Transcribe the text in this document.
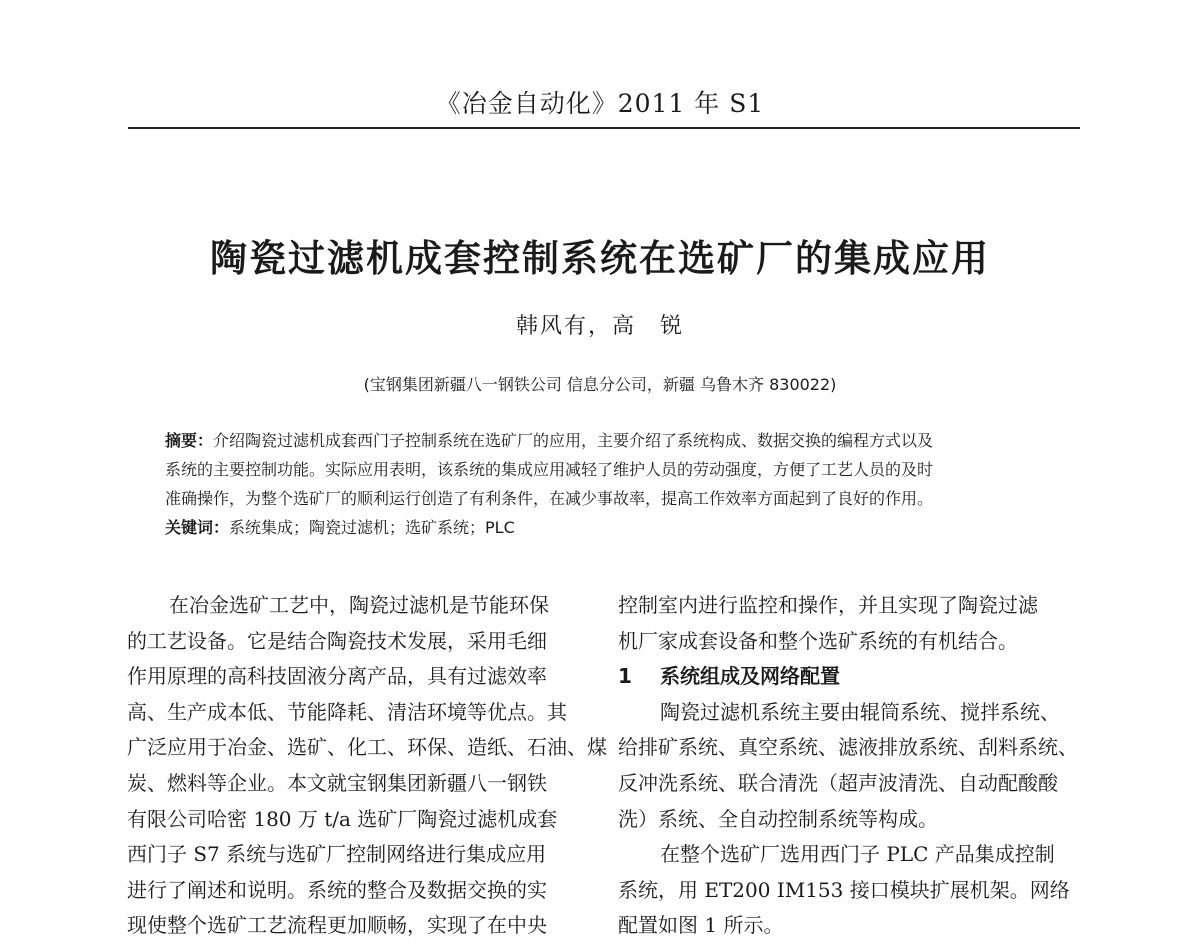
《冶金自动化》2011 年 S1
陶瓷过滤机成套控制系统在选矿厂的集成应用
韩风有，高　锐
(宝钢集团新疆八一钢铁公司 信息分公司，新疆 乌鲁木齐 830022)
摘要：介绍陶瓷过滤机成套西门子控制系统在选矿厂的应用，主要介绍了系统构成、数据交换的编程方式以及
系统的主要控制功能。实际应用表明，该系统的集成应用减轻了维护人员的劳动强度，方便了工艺人员的及时
准确操作，为整个选矿厂的顺利运行创造了有利条件，在减少事故率，提高工作效率方面起到了良好的作用。
关键词：系统集成；陶瓷过滤机；选矿系统；PLC
在冶金选矿工艺中，陶瓷过滤机是节能环保
的工艺设备。它是结合陶瓷技术发展，采用毛细
作用原理的高科技固液分离产品，具有过滤效率
高、生产成本低、节能降耗、清洁环境等优点。其
广泛应用于冶金、选矿、化工、环保、造纸、石油、煤
炭、燃料等企业。本文就宝钢集团新疆八一钢铁
有限公司哈密 180 万 t/a 选矿厂陶瓷过滤机成套
西门子 S7 系统与选矿厂控制网络进行集成应用
进行了阐述和说明。系统的整合及数据交换的实
现使整个选矿工艺流程更加顺畅，实现了在中央
控制室内进行监控和操作，并且实现了陶瓷过滤
机厂家成套设备和整个选矿系统的有机结合。
1 系统组成及网络配置
陶瓷过滤机系统主要由辊筒系统、搅拌系统、
给排矿系统、真空系统、滤液排放系统、刮料系统、
反冲洗系统、联合清洗（超声波清洗、自动配酸酸
洗）系统、全自动控制系统等构成。
在整个选矿厂选用西门子 PLC 产品集成控制
系统，用 ET200 IM153 接口模块扩展机架。网络
配置如图 1 所示。
